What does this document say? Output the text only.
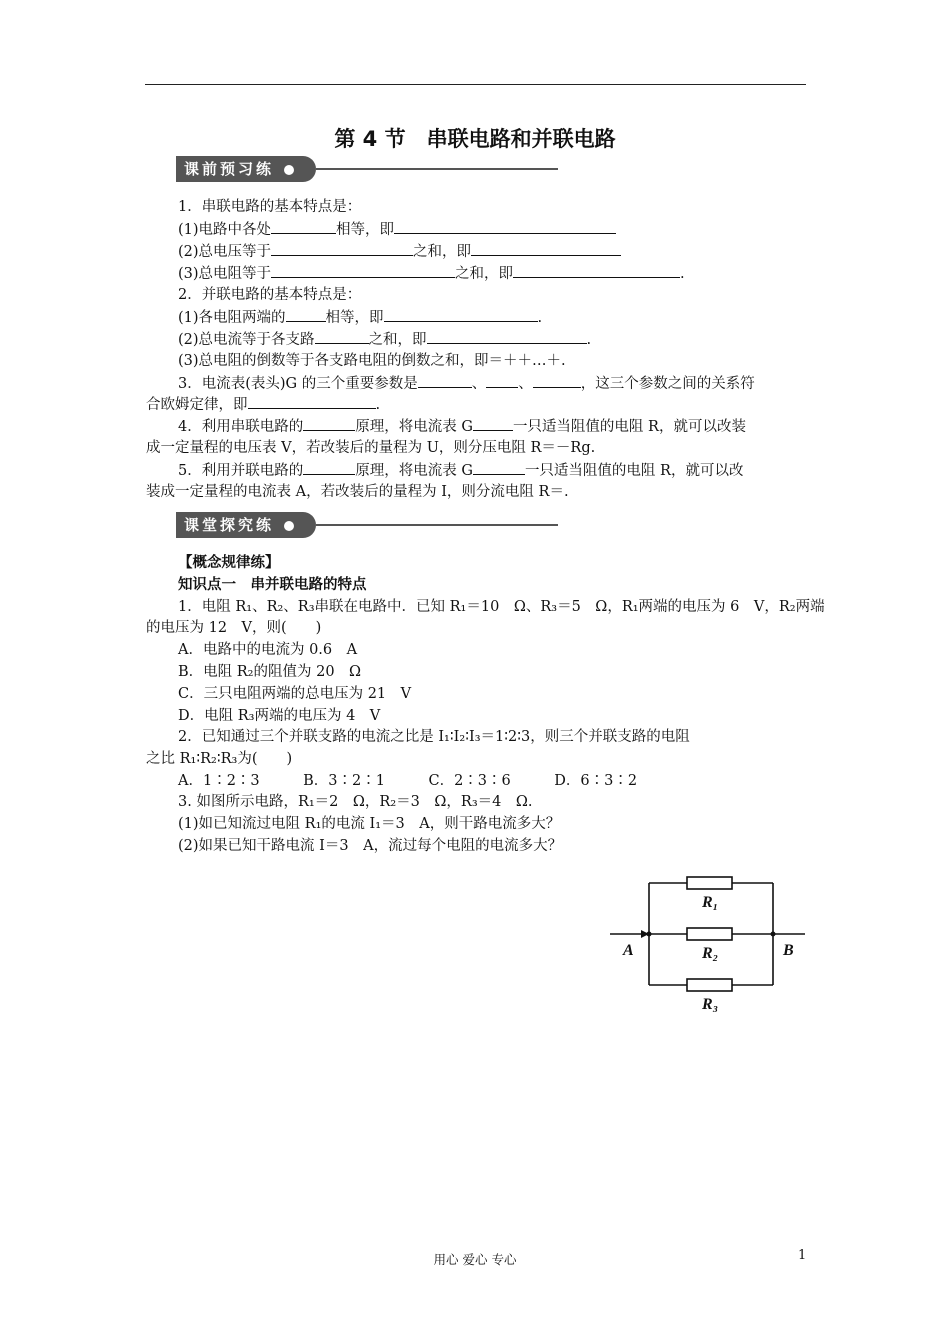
第 4 节　串联电路和并联电路
课前预习练
1．串联电路的基本特点是：
(1)电路中各处	相等，即
(2)总电压等于	之和，即
(3)总电阻等于	之和，即	.
2．并联电路的基本特点是：
(1)各电阻两端的	相等，即	.
(2)总电流等于各支路	之和，即	.
(3)总电阻的倒数等于各支路电阻的倒数之和，即＝＋＋…＋.
3．电流表(表头)G 的三个重要参数是	、 、	，这三个参数之间的关系符
合欧姆定律，即	.
4．利用串联电路的	原理，将电流表 G	一只适当阻值的电阻 R，就可以改装
成一定量程的电压表 V，若改装后的量程为 U，则分压电阻 R＝－Rg.
5．利用并联电路的	原理，将电流表 G	一只适当阻值的电阻 R，就可以改
装成一定量程的电流表 A，若改装后的量程为 I，则分流电阻 R＝.
课堂探究练
【概念规律练】
知识点一　串并联电路的特点
1．电阻 R₁、R₂、R₃串联在电路中．已知 R₁＝10　Ω、R₃＝5　Ω，R₁两端的电压为 6　V，R₂两端
的电压为 12　V，则(　　)
A．电路中的电流为 0.6　A
B．电阻 R₂的阻值为 20　Ω
C．三只电阻两端的总电压为 21　V
D．电阻 R₃两端的电压为 4　V
2．已知通过三个并联支路的电流之比是 I₁∶I₂∶I₃＝1∶2∶3，则三个并联支路的电阻
之比 R₁∶R₂∶R₃为(　　)
A．1∶2∶3　　　B．3∶2∶1　　　C．2∶3∶6　　　D．6∶3∶2
3. 如图所示电路，R₁＝2　Ω，R₂＝3　Ω，R₃＝4　Ω.
(1)如已知流过电阻 R₁的电流 I₁＝3　A，则干路电流多大？
(2)如果已知干路电流 I＝3　A，流过每个电阻的电流多大？
A	B
R₁
R₂
R₃
用心 爱心 专心	1
